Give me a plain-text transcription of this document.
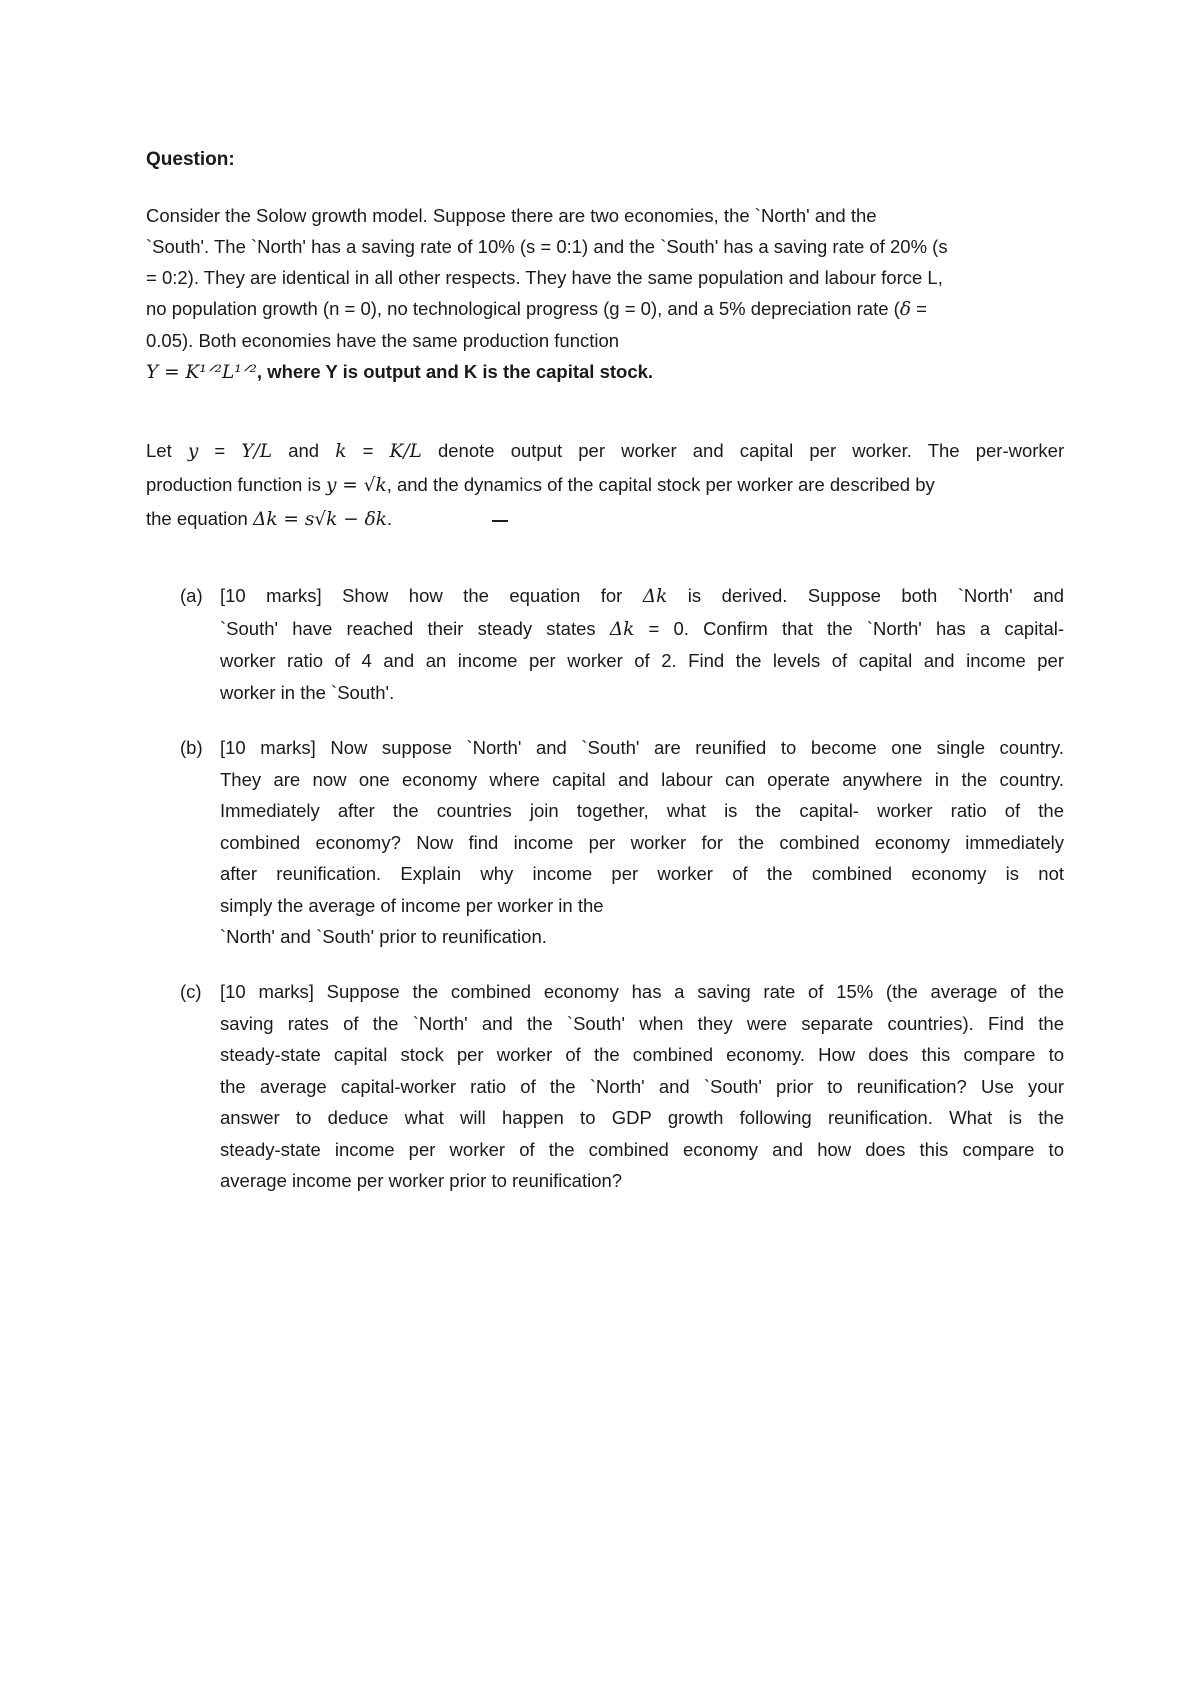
Question:
Consider the Solow growth model. Suppose there are two economies, the `North' and the
`South'. The `North' has a saving rate of 10% (s = 0:1) and the `South' has a saving rate of 20% (s
= 0:2). They are identical in all other respects. They have the same population and labour force L,
no population growth (n = 0), no technological progress (g = 0), and a 5% depreciation rate (δ =
0.05). Both economies have the same production function
Y = K¹ᐟ²L¹ᐟ², where Y is output and K is the capital stock.
Let y = Y/L and k = K/L denote output per worker and capital per worker. The per-worker
production function is y = √k, and the dynamics of the capital stock per worker are described by
the equation Δk = s√k − δk.
(a) [10 marks] Show how the equation for Δk is derived. Suppose both `North' and
`South' have reached their steady states Δk = 0. Confirm that the `North' has a capital-
worker ratio of 4 and an income per worker of 2. Find the levels of capital and income per
worker in the `South'.
(b) [10 marks] Now suppose `North' and `South' are reunified to become one single country.
They are now one economy where capital and labour can operate anywhere in the country.
Immediately after the countries join together, what is the capital- worker ratio of the
combined economy? Now find income per worker for the combined economy immediately
after reunification. Explain why income per worker of the combined economy is not
simply the average of income per worker in the
`North' and `South' prior to reunification.
(c) [10 marks] Suppose the combined economy has a saving rate of 15% (the average of the
saving rates of the `North' and the `South' when they were separate countries). Find the
steady-state capital stock per worker of the combined economy. How does this compare to
the average capital-worker ratio of the `North' and `South' prior to reunification? Use your
answer to deduce what will happen to GDP growth following reunification. What is the
steady-state income per worker of the combined economy and how does this compare to
average income per worker prior to reunification?
